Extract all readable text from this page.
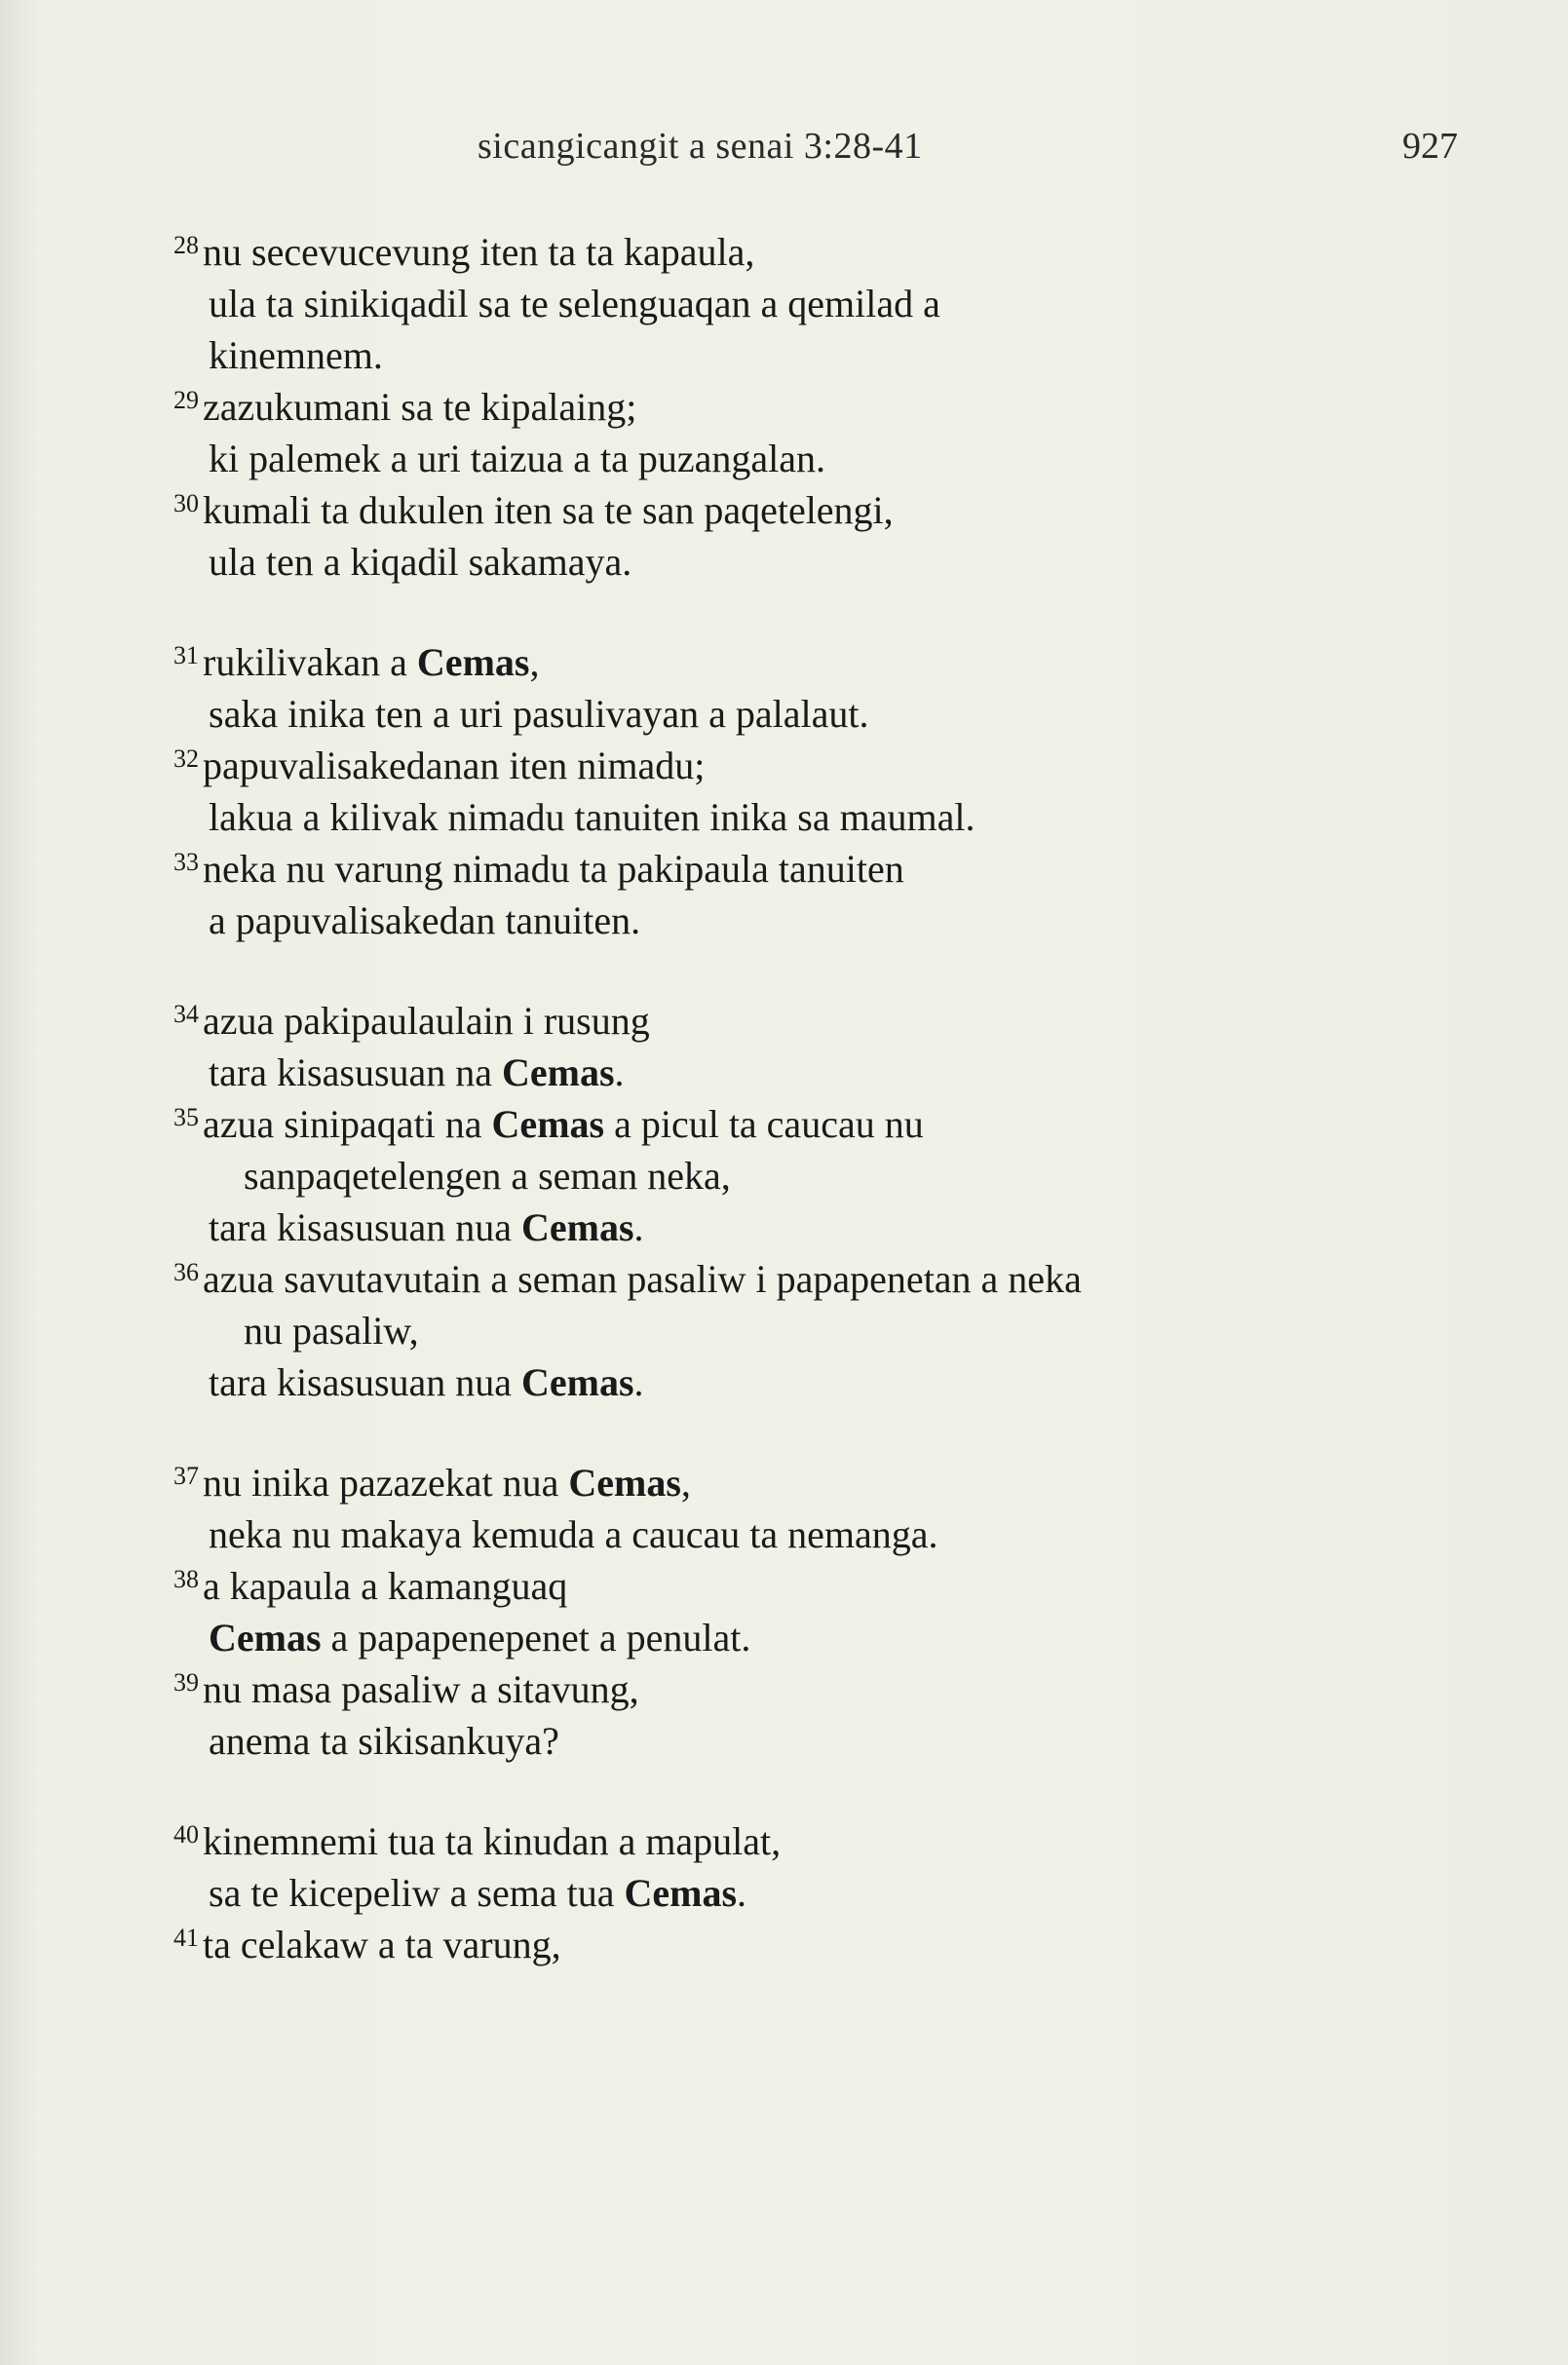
sicangicangit a senai 3:28-41	927
$^{28}$ nu secevucevung iten ta ta kapaula,
ula ta sinikiqadil sa te selenguaqan a qemilad a
kinemnem.
$^{29}$ zazukumani sa te kipalaing;
ki palemek a uri taizua a ta puzangalan.
$^{30}$ kumali ta dukulen iten sa te san paqetelengi,
ula ten a kiqadil sakamaya.
$^{31}$ rukilivakan a Cemas,
saka inika ten a uri pasulivayan a palalaut.
$^{32}$ papuvalisakedanan iten nimadu;
lakua a kilivak nimadu tanuiten inika sa maumal.
$^{33}$ neka nu varung nimadu ta pakipaula tanuiten
a papuvalisakedan tanuiten.
$^{34}$ azua pakipaulaulain i rusung
tara kisasusuan na Cemas.
$^{35}$ azua sinipaqati na Cemas a picul ta caucau nu
sanpaqetelengen a seman neka,
tara kisasusuan nua Cemas.
$^{36}$ azua savutavutain a seman pasaliw i papapenetan a neka
nu pasaliw,
tara kisasusuan nua Cemas.
$^{37}$ nu inika pazazekat nua Cemas,
neka nu makaya kemuda a caucau ta nemanga.
$^{38}$ a kapaula a kamanguaq
Cemas a papapenepenet a penulat.
$^{39}$ nu masa pasaliw a sitavung,
anema ta sikisankuya?
$^{40}$ kinemnemi tua ta kinudan a mapulat,
sa te kicepeliw a sema tua Cemas.
$^{41}$ ta celakaw a ta varung,
